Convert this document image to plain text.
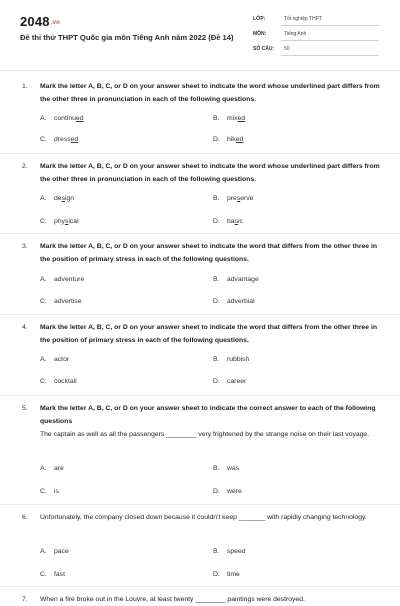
2048.vn
Đề thi thử THPT Quốc gia môn Tiếng Anh năm 2022 (Đề 14)
LỚP:	Tốt nghiệp THPT
MÔN:	Tiếng Anh
SỐ CÂU: 50
1. Mark the letter A, B, C, or D on your answer sheet to indicate the word whose underlined part differs from the other three in pronunciation in each of the following questions.
A. continued	B. mixed
C. dressed	D. hiked
2. Mark the letter A, B, C, or D on your answer sheet to indicate the word whose underlined part differs from the other three in pronunciation in each of the following questions.
A. design	B. preserve
C. physical	D. basic
3. Mark the letter A, B, C, or D on your answer sheet to indicate the word that differs from the other three in the position of primary stress in each of the following questions.
A. adventure	B. advantage
C. advertise	D. adverbial
4. Mark the letter A, B, C, or D on your answer sheet to indicate the word that differs from the other three in the position of primary stress in each of the following questions.
A. actor	B. rubbish
C. cocktail	D. career
5. Mark the letter A, B, C, or D on your answer sheet to indicate the correct answer to each of the following questions
The captain as well as all the passengers ________ very frightened by the strange noise on their last voyage.
A. are	B. was
C. is	D. were
6. Unfortunately, the company closed down because it couldn't keep _______ with rapidly changing technology.
A. pace	B. speed
C. fast	D. time
7. When a fire broke out in the Louvre, at least twenty ________ paintings were destroyed.
